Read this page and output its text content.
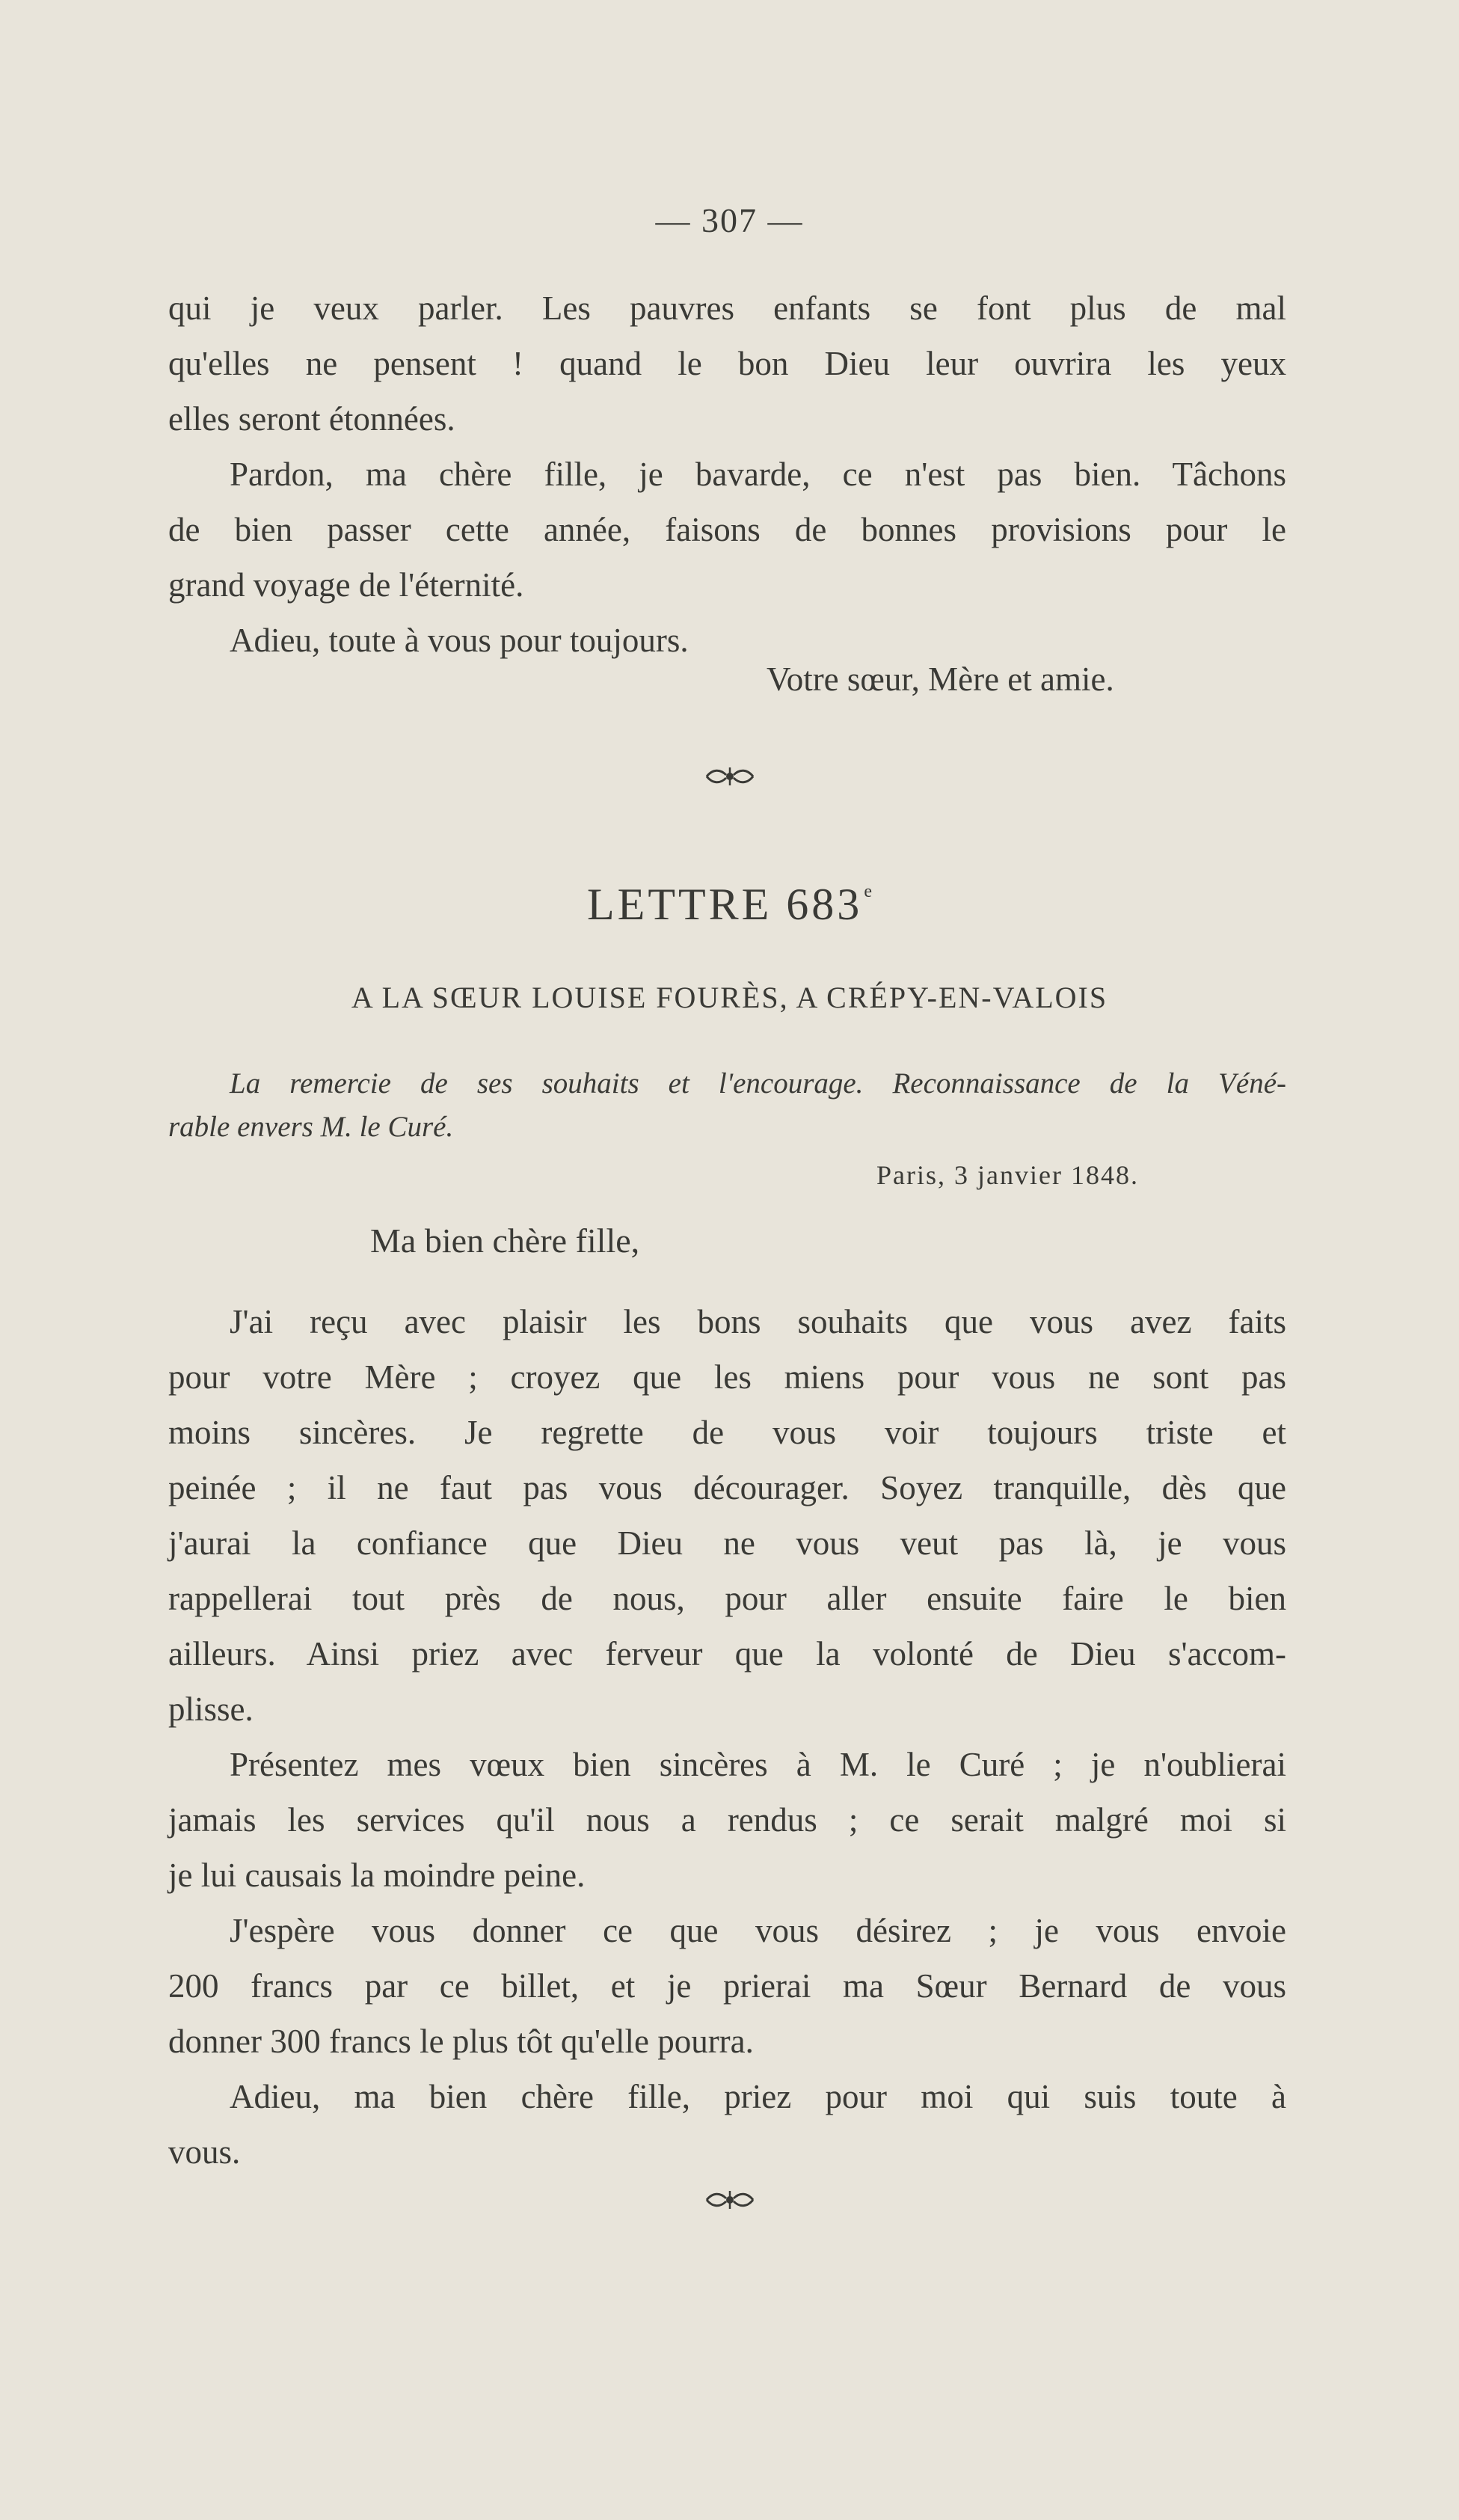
— 307 —
qui je veux parler. Les pauvres enfants se font plus de mal
qu'elles ne pensent ! quand le bon Dieu leur ouvrira les yeux
elles seront étonnées.
Pardon, ma chère fille, je bavarde, ce n'est pas bien. Tâchons
de bien passer cette année, faisons de bonnes provisions pour le
grand voyage de l'éternité.
Adieu, toute à vous pour toujours.
Votre sœur, Mère et amie.
LETTRE 683e
A LA SŒUR LOUISE FOURÈS, A CRÉPY-EN-VALOIS
La remercie de ses souhaits et l'encourage. Reconnaissance de la Véné-
rable envers M. le Curé.
Paris, 3 janvier 1848.
Ma bien chère fille,
J'ai reçu avec plaisir les bons souhaits que vous avez faits
pour votre Mère ; croyez que les miens pour vous ne sont pas
moins sincères. Je regrette de vous voir toujours triste et
peinée ; il ne faut pas vous décourager. Soyez tranquille, dès que
j'aurai la confiance que Dieu ne vous veut pas là, je vous
rappellerai tout près de nous, pour aller ensuite faire le bien
ailleurs. Ainsi priez avec ferveur que la volonté de Dieu s'accom-
plisse.
Présentez mes vœux bien sincères à M. le Curé ; je n'oublierai
jamais les services qu'il nous a rendus ; ce serait malgré moi si
je lui causais la moindre peine.
J'espère vous donner ce que vous désirez ; je vous envoie
200 francs par ce billet, et je prierai ma Sœur Bernard de vous
donner 300 francs le plus tôt qu'elle pourra.
Adieu, ma bien chère fille, priez pour moi qui suis toute à
vous.
